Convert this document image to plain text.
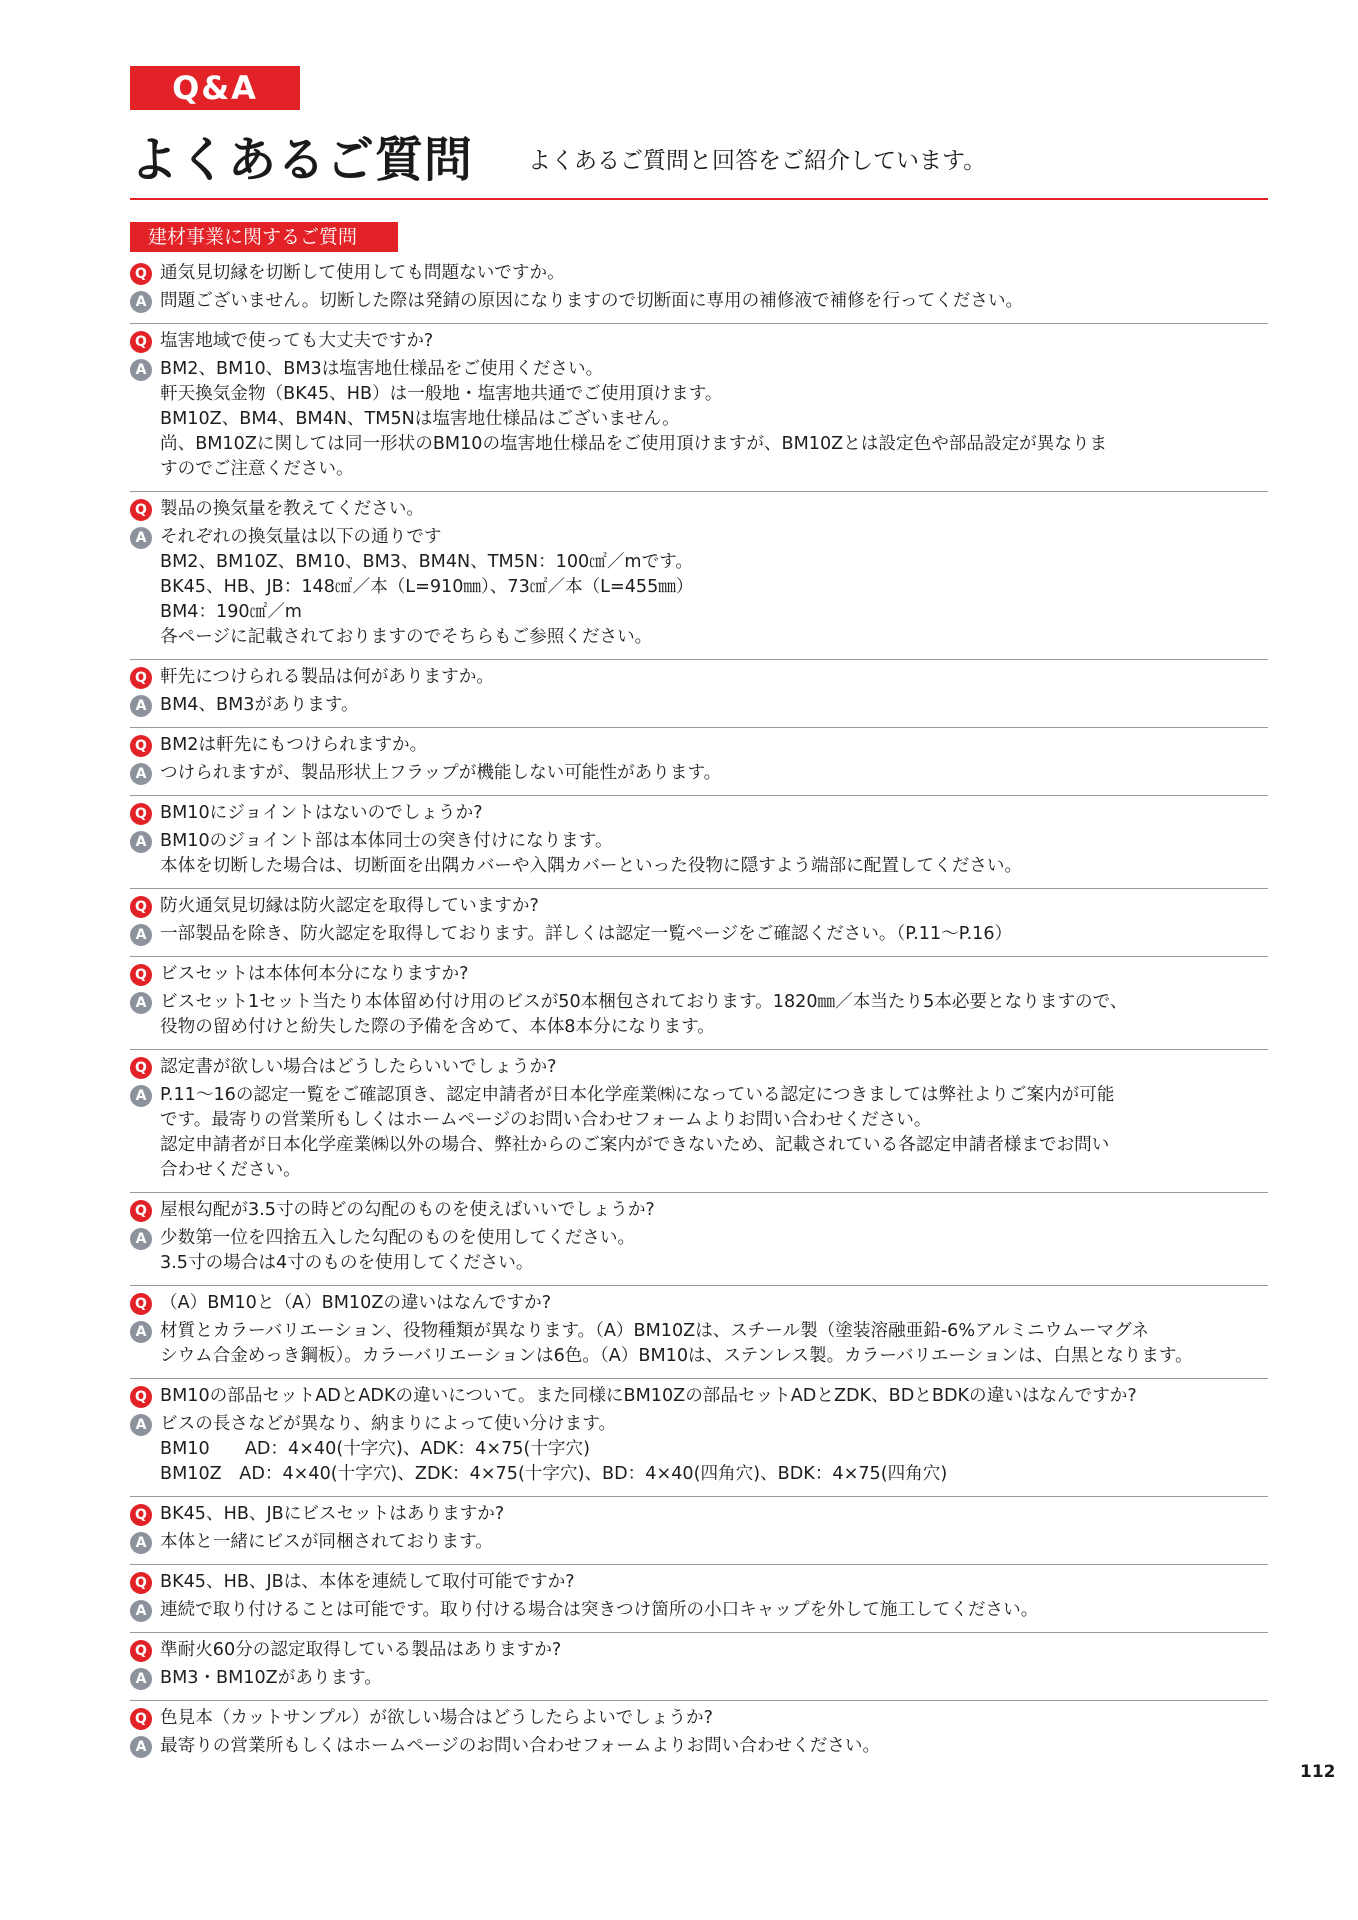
Q&A
よくあるご質問 よくあるご質問と回答をご紹介しています。
建材事業に関するご質問
Q 通気見切縁を切断して使用しても問題ないですか。
A 問題ございません。切断した際は発錆の原因になりますので切断面に専用の補修液で補修を行ってください。
Q 塩害地域で使っても大丈夫ですか?
A BM2、BM10、BM3は塩害地仕様品をご使用ください。
軒天換気金物（BK45、HB）は一般地・塩害地共通でご使用頂けます。
BM10Z、BM4、BM4N、TM5Nは塩害地仕様品はございません。
尚、BM10Zに関しては同一形状のBM10の塩害地仕様品をご使用頂けますが、BM10Zとは設定色や部品設定が異なりま
すのでご注意ください。
Q 製品の換気量を教えてください。
A それぞれの換気量は以下の通りです
BM2、BM10Z、BM10、BM3、BM4N、TM5N：100㎠／mです。
BK45、HB、JB：148㎠／本（L=910㎜）、73㎠／本（L=455㎜）
BM4：190㎠／m
各ページに記載されておりますのでそちらもご参照ください。
Q 軒先につけられる製品は何がありますか。
A BM4、BM3があります。
Q BM2は軒先にもつけられますか。
A つけられますが、製品形状上フラップが機能しない可能性があります。
Q BM10にジョイントはないのでしょうか?
A BM10のジョイント部は本体同士の突き付けになります。
本体を切断した場合は、切断面を出隅カバーや入隅カバーといった役物に隠すよう端部に配置してください。
Q 防火通気見切縁は防火認定を取得していますか?
A 一部製品を除き、防火認定を取得しております。詳しくは認定一覧ページをご確認ください。（P.11～P.16）
Q ビスセットは本体何本分になりますか?
A ビスセット1セット当たり本体留め付け用のビスが50本梱包されております。1820㎜／本当たり5本必要となりますので、
役物の留め付けと紛失した際の予備を含めて、本体8本分になります。
Q 認定書が欲しい場合はどうしたらいいでしょうか?
A P.11～16の認定一覧をご確認頂き、認定申請者が日本化学産業㈱になっている認定につきましては弊社よりご案内が可能
です。最寄りの営業所もしくはホームページのお問い合わせフォームよりお問い合わせください。
認定申請者が日本化学産業㈱以外の場合、弊社からのご案内ができないため、記載されている各認定申請者様までお問い
合わせください。
Q 屋根勾配が3.5寸の時どの勾配のものを使えばいいでしょうか?
A 少数第一位を四捨五入した勾配のものを使用してください。
3.5寸の場合は4寸のものを使用してください。
Q （A）BM10と（A）BM10Zの違いはなんですか?
A 材質とカラーバリエーション、役物種類が異なります。（A）BM10Zは、スチール製（塗装溶融亜鉛-6%アルミニウムーマグネ
シウム合金めっき鋼板）。カラーバリエーションは6色。（A）BM10は、ステンレス製。カラーバリエーションは、白黒となります。
Q BM10の部品セットADとADKの違いについて。また同様にBM10Zの部品セットADとZDK、BDとBDKの違いはなんですか?
A ビスの長さなどが異なり、納まりによって使い分けます。
BM10　　AD：4×40(十字穴)、ADK：4×75(十字穴)
BM10Z　AD：4×40(十字穴)、ZDK：4×75(十字穴)、BD：4×40(四角穴)、BDK：4×75(四角穴)
Q BK45、HB、JBにビスセットはありますか?
A 本体と一緒にビスが同梱されております。
Q BK45、HB、JBは、本体を連続して取付可能ですか?
A 連続で取り付けることは可能です。取り付ける場合は突きつけ箇所の小口キャップを外して施工してください。
Q 準耐火60分の認定取得している製品はありますか?
A BM3・BM10Zがあります。
Q 色見本（カットサンプル）が欲しい場合はどうしたらよいでしょうか?
A 最寄りの営業所もしくはホームページのお問い合わせフォームよりお問い合わせください。
112
